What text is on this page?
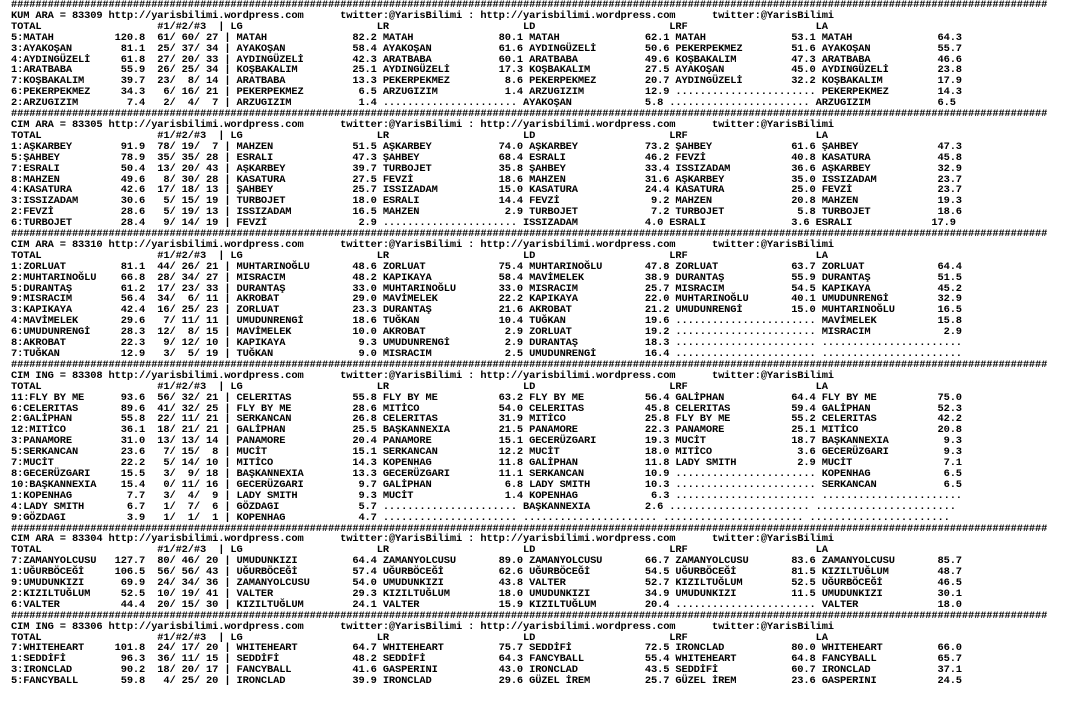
##########################################################################################################################################################################
KUM ARA = 83309 http://yarisbilimi.wordpress.com      twitter:@YarisBilimi : http://yarisbilimi.wordpress.com      twitter:@YarisBilimi
TOTAL                   #1/#2/#3  | LG                      LR                      LD                      LRF                     LA
5:MATAH          120.8  61/ 60/ 27 | MATAH              82.2 MATAH              80.1 MATAH              62.1 MATAH              53.1 MATAH              64.3
3:AYAKOŞAN        81.1  25/ 37/ 34 | AYAKOŞAN           58.4 AYAKOŞAN           61.6 AYDINGÜZELİ        50.6 PEKERPEKMEZ        51.6 AYAKOŞAN           55.7
4:AYDINGÜZELİ     61.8  27/ 20/ 33 | AYDINGÜZELİ        42.3 ARATBABA           60.1 ARATBABA           49.6 KOŞBAKALIM         47.3 ARATBABA           46.6
1:ARATBABA        55.9  26/ 25/ 34 | KOŞBAKALIM         25.1 AYDINGÜZELİ        17.3 KOŞBAKALIM         27.5 AYAKOŞAN           45.0 AYDINGÜZELİ        23.8
7:KOŞBAKALIM      39.7  23/  8/ 14 | ARATBABA           13.3 PEKERPEKMEZ         8.6 PEKERPEKMEZ        20.7 AYDINGÜZELİ        32.2 KOŞBAKALIM         17.9
6:PEKERPEKMEZ     34.3   6/ 16/ 21 | PEKERPEKMEZ         6.5 ARZUGIZIM           1.4 ARZUGIZIM          12.9 ....................... PEKERPEKMEZ        14.3
2:ARZUGIZIM        7.4   2/  4/  7 | ARZUGIZIM           1.4 ...................... AYAKOŞAN            5.8 ....................... ARZUGIZIM           6.5
##########################################################################################################################################################################
CIM ARA = 83305 http://yarisbilimi.wordpress.com      twitter:@YarisBilimi : http://yarisbilimi.wordpress.com      twitter:@YarisBilimi
TOTAL                   #1/#2/#3  | LG                      LR                      LD                      LRF                     LA
1:AŞKARBEY        91.9  78/ 19/  7 | MAHZEN             51.5 AŞKARBEY           74.0 AŞKARBEY           73.2 ŞAHBEY             61.6 ŞAHBEY             47.3
5:ŞAHBEY          78.9  35/ 35/ 28 | ESRALI             47.3 ŞAHBEY             68.4 ESRALI             46.2 FEVZİ              40.8 KASATURA           45.8
7:ESRALI          50.4  13/ 20/ 43 | AŞKARBEY           39.7 TURBOJET           35.8 ŞAHBEY             33.4 ISSIZADAM          36.6 AŞKARBEY           32.9
8:MAHZEN          49.6   8/ 30/ 28 | KASATURA           27.5 FEVZİ              18.6 MAHZEN             31.6 AŞKARBEY           35.0 ISSIZADAM          23.7
4:KASATURA        42.6  17/ 18/ 13 | ŞAHBEY             25.7 ISSIZADAM          15.0 KASATURA           24.4 KASATURA           25.0 FEVZİ              23.7
3:ISSIZADAM       30.6   5/ 15/ 19 | TURBOJET           18.0 ESRALI             14.4 FEVZİ               9.2 MAHZEN             20.8 MAHZEN             19.3
2:FEVZİ           28.6   5/ 19/ 13 | ISSIZADAM          16.5 MAHZEN              2.9 TURBOJET            7.2 TURBOJET            5.8 TURBOJET           18.6
6:TURBOJET        28.4   9/ 14/ 19 | FEVZİ               2.9 ...................... ISSIZADAM           4.0 ESRALI              3.6 ESRALI             17.9
##########################################################################################################################################################################
CIM ARA = 83310 http://yarisbilimi.wordpress.com      twitter:@YarisBilimi : http://yarisbilimi.wordpress.com      twitter:@YarisBilimi
TOTAL                   #1/#2/#3  | LG                      LR                      LD                      LRF                     LA
1:ZORLUAT         81.1  44/ 26/ 21 | MUHTARINOĞLU       48.6 ZORLUAT            75.4 MUHTARINOĞLU       47.8 ZORLUAT            63.7 ZORLUAT            64.4
2:MUHTARINOĞLU    66.8  28/ 34/ 27 | MISRACIM           48.2 KAPIKAYA           58.4 MAVİMELEK          38.9 DURANTAŞ           55.9 DURANTAŞ           51.5
5:DURANTAŞ        61.2  17/ 23/ 33 | DURANTAŞ           33.0 MUHTARINOĞLU       33.0 MISRACIM           25.7 MISRACIM           54.5 KAPIKAYA           45.2
9:MISRACIM        56.4  34/  6/ 11 | AKROBAT            29.0 MAVİMELEK          22.2 KAPIKAYA           22.0 MUHTARINOĞLU       40.1 UMUDUNRENGİ        32.9
3:KAPIKAYA        42.4  16/ 25/ 23 | ZORLUAT            23.3 DURANTAŞ           21.6 AKROBAT            21.2 UMUDUNRENGİ        15.0 MUHTARINOĞLU       16.5
4:MAVİMELEK       29.6   7/ 11/ 11 | UMUDUNRENGİ        18.6 TUĞKAN             10.4 TUĞKAN             19.6 ....................... MAVİMELEK          15.8
6:UMUDUNRENGİ     28.3  12/  8/ 15 | MAVİMELEK          10.0 AKROBAT             2.9 ZORLUAT            19.2 ....................... MISRACIM            2.9
8:AKROBAT         22.3   9/ 12/ 10 | KAPIKAYA            9.3 UMUDUNRENGİ         2.9 DURANTAŞ           18.3 ....................... .......................
7:TUĞKAN          12.9   3/  5/ 19 | TUĞKAN              9.0 MISRACIM            2.5 UMUDUNRENGİ        16.4 ....................... .......................
##########################################################################################################################################################################
CIM ING = 83308 http://yarisbilimi.wordpress.com      twitter:@YarisBilimi : http://yarisbilimi.wordpress.com      twitter:@YarisBilimi
TOTAL                   #1/#2/#3  | LG                      LR                      LD                      LRF                     LA
11:FLY BY ME      93.6  56/ 32/ 21 | CELERITAS          55.8 FLY BY ME          63.2 FLY BY ME          56.4 GALİPHAN           64.4 FLY BY ME          75.0
6:CELERITAS       89.6  41/ 32/ 25 | FLY BY ME          28.6 MITİCO             54.0 CELERITAS          45.8 CELERITAS          59.4 GALİPHAN           52.3
2:GALİPHAN        55.8  22/ 11/ 21 | SERKANCAN          26.8 CELERITAS          31.9 MITİCO             25.8 FLY BY ME          55.2 CELERITAS          42.2
12:MITİCO         36.1  18/ 21/ 21 | GALİPHAN           25.5 BAŞKANNEXIA        21.5 PANAMORE           22.3 PANAMORE           25.1 MITİCO             20.8
3:PANAMORE        31.0  13/ 13/ 14 | PANAMORE           20.4 PANAMORE           15.1 GECERÜZGARI        19.3 MUCİT              18.7 BAŞKANNEXIA         9.3
5:SERKANCAN       23.6   7/ 15/  8 | MUCİT              15.1 SERKANCAN          12.2 MUCİT              18.0 MITİCO              3.6 GECERÜZGARI         9.3
7:MUCİT           22.2   5/ 14/ 10 | MITİCO             14.3 KOPENHAG           11.8 GALİPHAN           11.8 LADY SMITH          2.9 MUCİT               7.1
8:GECERÜZGARI     15.5   3/  9/ 18 | BAŞKANNEXIA        13.3 GECERÜZGARI        11.1 SERKANCAN          10.9 ....................... KOPENHAG            6.5
10:BAŞKANNEXIA    15.4   0/ 11/ 16 | GECERÜZGARI         9.7 GALİPHAN            6.8 LADY SMITH         10.3 ....................... SERKANCAN           6.5
1:KOPENHAG         7.7   3/  4/  9 | LADY SMITH          9.3 MUCİT               1.4 KOPENHAG            6.3 ....................... .......................
4:LADY SMITH       6.7   1/  7/  6 | GÖZDAGI             5.7 ...................... BAŞKANNEXIA         2.6 ....................... .......................
9:GÖZDAGI          3.9   1/  1/  1 | KOPENHAG            4.7 ...................... ...................... ....................... .......................
##########################################################################################################################################################################
CIM ARA = 83304 http://yarisbilimi.wordpress.com      twitter:@YarisBilimi : http://yarisbilimi.wordpress.com      twitter:@YarisBilimi
TOTAL                   #1/#2/#3  | LG                      LR                      LD                      LRF                     LA
7:ZAMANYOLCUSU   127.7  80/ 46/ 20 | UMUDUNKIZI         64.4 ZAMANYOLCUSU       89.0 ZAMANYOLCUSU       66.7 ZAMANYOLCUSU       83.6 ZAMANYOLCUSU       85.7
1:UĞURBÖCEĞİ     106.5  56/ 56/ 43 | UĞURBÖCEĞİ         57.4 UĞURBÖCEĞİ         62.6 UĞURBÖCEĞİ         54.5 UĞURBÖCEĞİ         81.5 KIZILTUĞLUM        48.7
9:UMUDUNKIZI      69.9  24/ 34/ 36 | ZAMANYOLCUSU       54.0 UMUDUNKIZI         43.8 VALTER             52.7 KIZILTUĞLUM        52.5 UĞURBÖCEĞİ         46.5
2:KIZILTUĞLUM     52.5  10/ 19/ 41 | VALTER             29.3 KIZILTUĞLUM        18.0 UMUDUNKIZI         34.9 UMUDUNKIZI         11.5 UMUDUNKIZI         30.1
6:VALTER          44.4  20/ 15/ 30 | KIZILTUĞLUM        24.1 VALTER             15.9 KIZILTUĞLUM        20.4 ....................... VALTER             18.0
##########################################################################################################################################################################
CIM ING = 83306 http://yarisbilimi.wordpress.com      twitter:@YarisBilimi : http://yarisbilimi.wordpress.com      twitter:@YarisBilimi
TOTAL                   #1/#2/#3  | LG                      LR                      LD                      LRF                     LA
7:WHITEHEART     101.8  24/ 17/ 20 | WHITEHEART         64.7 WHITEHEART         75.7 SEDDİFİ            72.5 IRONCLAD           80.0 WHITEHEART         66.0
1:SEDDİFİ         96.3  36/ 11/ 15 | SEDDİFİ            48.2 SEDDİFİ            64.3 FANCYBALL          55.4 WHITEHEART         64.8 FANCYBALL          65.7
3:IRONCLAD        90.2  18/ 20/ 17 | FANCYBALL          41.6 GASPERINI          43.0 IRONCLAD           43.5 SEDDİFİ            60.7 IRONCLAD           37.1
5:FANCYBALL       59.8   4/ 25/ 20 | IRONCLAD           39.9 IRONCLAD           29.6 GÜZEL İREM         25.7 GÜZEL İREM         23.6 GASPERINI          24.5
